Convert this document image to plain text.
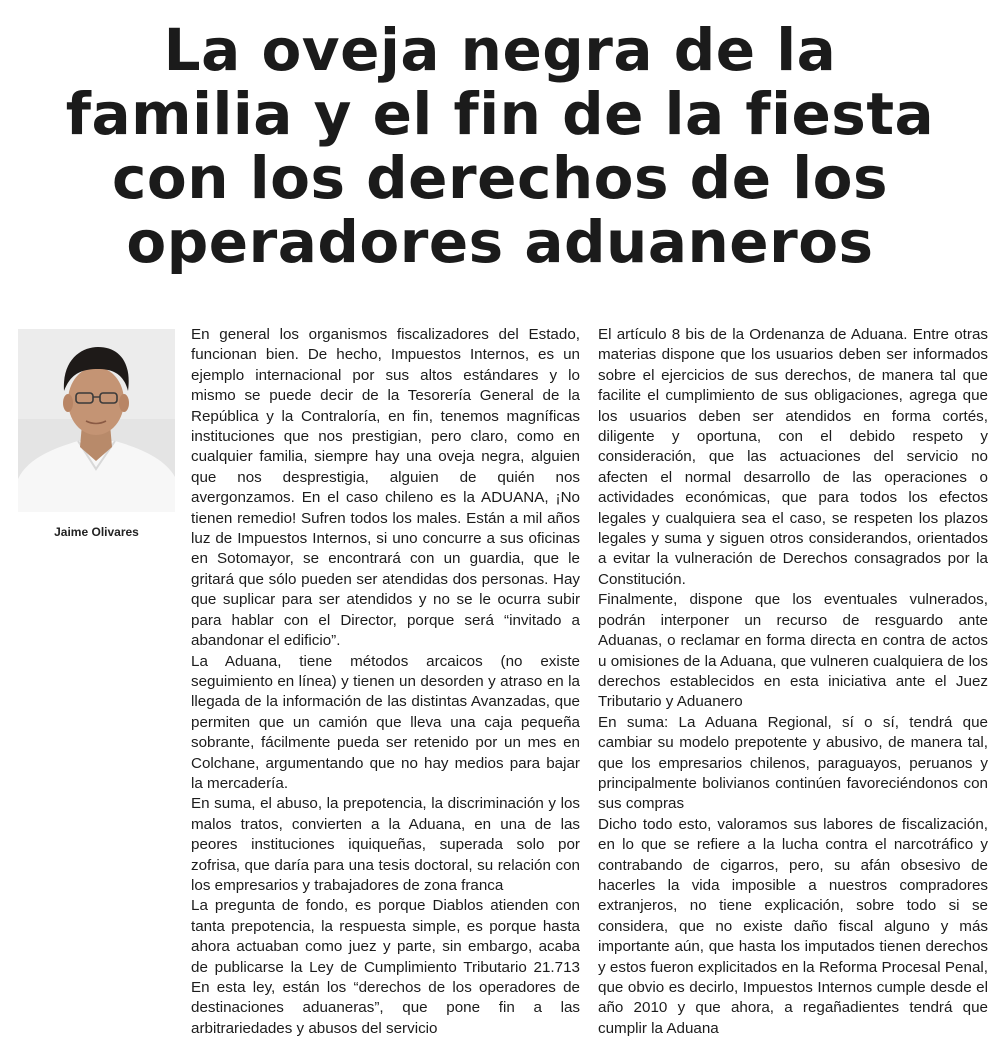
La oveja negra de la
familia y el fin de la fiesta
con los derechos de los
operadores aduaneros
Jaime Olivares

En general los organismos fiscalizadores del Estado, funcionan bien. De hecho, Impuestos Internos, es un ejemplo internacional por sus altos estándares y lo mismo se puede decir de la Tesorería General de la República y la Contraloría, en fin, tenemos magníficas instituciones que nos prestigian, pero claro, como en cualquier familia, siempre hay una oveja negra, alguien que nos desprestigia, alguien de quién nos avergonzamos. En el caso chileno es la ADUANA, ¡No tienen remedio! Sufren todos los males. Están a mil años luz de Impuestos Internos, si uno concurre a sus oficinas en Sotomayor, se encontrará con un guardia, que le gritará que sólo pueden ser atendidas dos personas. Hay que suplicar para ser atendidos y no se le ocurra subir para hablar con el Director, porque será “invitado a abandonar el edificio”.

La Aduana, tiene métodos arcaicos (no existe seguimiento en línea) y tienen un desorden y atraso en la llegada de la información de las distintas Avanzadas, que permiten que un camión que lleva una caja pequeña sobrante, fácilmente pueda ser retenido por un mes en Colchane, argumentando que no hay medios para bajar la mercadería.

En suma, el abuso, la prepotencia, la discriminación y los malos tratos, convierten a la Aduana, en una de las peores instituciones iquiqueñas, superada solo por zofrisa, que daría para una tesis doctoral, su relación con los empresarios y trabajadores de zona franca

La pregunta de fondo, es porque Diablos atienden con tanta prepotencia, la respuesta simple, es porque hasta ahora actuaban como juez y parte, sin embargo, acaba de publicarse la Ley de Cumplimiento Tributario 21.713 En esta ley, están los “derechos de los operadores de destinaciones aduaneras”, que pone fin a las arbitrariedades y abusos del servicio

El artículo 8 bis de la Ordenanza de Aduana. Entre otras materias dispone que los usuarios deben ser informados sobre el ejercicios de sus derechos, de manera tal que facilite el cumplimiento de sus obligaciones, agrega que los usuarios deben ser atendidos en forma cortés, diligente y oportuna, con el debido respeto y consideración, que las actuaciones del servicio no afecten el normal desarrollo de las operaciones o actividades económicas, que para todos los efectos legales y cualquiera sea el caso, se respeten los plazos legales y suma y siguen otros considerandos, orientados a evitar la vulneración de Derechos consagrados por la Constitución.

Finalmente, dispone que los eventuales vulnerados, podrán interponer un recurso de resguardo ante Aduanas, o reclamar en forma directa en contra de actos u omisiones de la Aduana, que vulneren cualquiera de los derechos establecidos en esta iniciativa ante el Juez Tributario y Aduanero

En suma: La Aduana Regional, sí o sí, tendrá que cambiar su modelo prepotente y abusivo, de manera tal, que los empresarios chilenos, paraguayos, peruanos y principalmente bolivianos continúen favoreciéndonos con sus compras

Dicho todo esto, valoramos sus labores de fiscalización, en lo que se refiere a la lucha contra el narcotráfico y contrabando de cigarros, pero, su afán obsesivo de hacerles la vida imposible a nuestros compradores extranjeros, no tiene explicación, sobre todo si se considera, que no existe daño fiscal alguno y más importante aún, que hasta los imputados tienen derechos y estos fueron explicitados en la Reforma Procesal Penal, que obvio es decirlo, Impuestos Internos cumple desde el año 2010 y que ahora, a regañadientes tendrá que cumplir la Aduana
